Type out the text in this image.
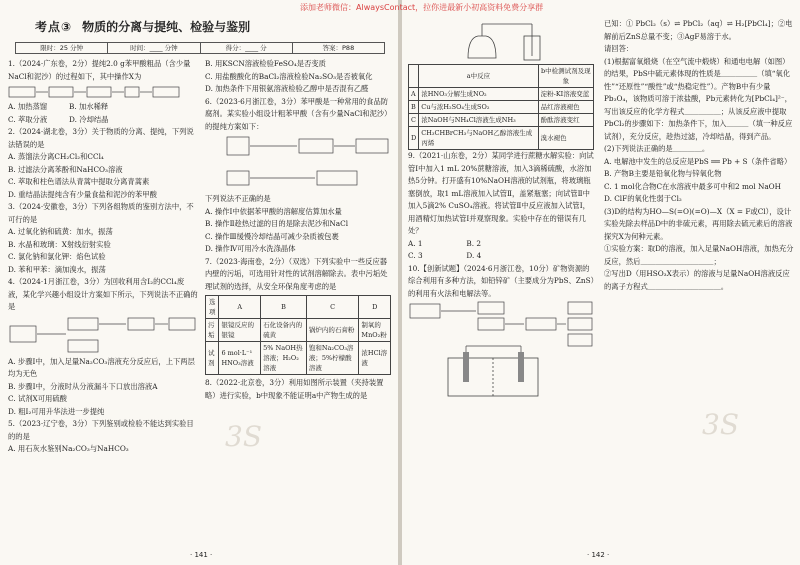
考点③ 物质的分离与提纯、检验与鉴别
限时：25 分钟	时间：____ 分钟	得分：____ 分	答案：P88

1.（2024·广东卷，2分）提纯2.0 g苯甲酸粗品（含少量NaCl和泥沙）的过程如下，其中操作X为

A. 加热蒸馏　　　B. 加水稀释

C. 萃取分液　　　D. 冷却结晶

2.（2024·湖北卷，3分）关于物质的分离、提纯，下列说法错误的是

A. 蒸馏法分离CH₂Cl₂和CCl₄

B. 过滤法分离苯酚和NaHCO₃溶液

C. 萃取和柱色谱法从青蒿中提取分离青蒿素

D. 重结晶法提纯含有少量食盐和泥沙的苯甲酸

3.（2024·安徽卷，3分）下列各组物质的鉴别方法中，不可行的是

A. 过氧化钠和硫黄：加水，振荡

B. 水晶和玻璃：X射线衍射实验

C. 氯化钠和氯化钾：焰色试验

D. 苯和甲苯：滴加溴水，振荡

4.（2024·1月浙江卷，3分）为回收利用含I₂的CCl₄废液，某化学兴趣小组设计方案如下所示，下列说法不正确的是

A. 步骤Ⅰ中，加入足量Na₂CO₃溶液充分反应后，上下两层均为无色

B. 步骤Ⅰ中，分液时从分液漏斗下口放出溶液A

C. 试剂X可用硫酸

D. 粗I₂可用升华法进一步提纯

5.（2023·辽宁卷，3分）下列鉴别或检验不能达到实验目的的是

A. 用石灰水鉴别Na₂CO₃与NaHCO₃

B. 用KSCN溶液检验FeSO₄是否变质

C. 用盐酸酸化的BaCl₂溶液检验Na₂SO₃是否被氧化

D. 加热条件下用银氨溶液检验乙醇中是否混有乙醛

6.（2023·6月浙江卷，3分）苯甲酸是一种常用的食品防腐剂。某实验小组设计粗苯甲酸（含有少量NaCl和泥沙）的提纯方案如下：

下列说法不正确的是

A. 操作Ⅰ中依据苯甲酸的溶解度估算加水量

B. 操作Ⅱ趁热过滤的目的是除去泥沙和NaCl

C. 操作Ⅲ缓慢冷却结晶可减少杂质被包裹

D. 操作Ⅳ可用冷水洗涤晶体

7.（2023·海南卷，2分）（双选）下列实验中一些反应器内壁的污垢，可选用针对性的试剂溶解除去。表中污垢处理试剂的选择，从安全环保角度考虑的是

选项	A	B	C	D
污垢	银镜反应的银镜	石化设备内的硫黄	锅炉内的石膏粉	制氧的MnO₂粉
试剂	6 mol·L⁻¹ HNO₃溶液	5% NaOH热溶液；H₂O₂溶液	饱和Na₂CO₃溶液；5%柠檬酸溶液	浓HCl溶液

8.（2022·北京卷，3分）利用如图所示装置（夹持装置略）进行实验，b中现象不能证明a中产物生成的是

3S
· 141 ·
	a中反应	b中检测试剂及现象
A	浓HNO₃分解生成NO₂	淀粉-KI溶液变蓝
B	Cu与浓H₂SO₄生成SO₂	品红溶液褪色
C	浓NaOH与NH₄Cl溶液生成NH₃	酚酞溶液变红
D	CH₃CHBrCH₃与NaOH乙醇溶液生成丙烯	溴水褪色

9.（2021·山东卷，2分）某同学进行蔗糖水解实验：向试管Ⅰ中加入1 mL 20%蔗糖溶液，加入3滴稀硫酸，水浴加热5分钟。打开盛有10%NaOH溶液的试剂瓶，将玻璃瓶塞倒放，取1 mL溶液加入试管Ⅱ，盖紧瓶塞；向试管Ⅱ中加入5滴2% CuSO₄溶液。将试管Ⅱ中反应液加入试管Ⅰ，用酒精灯加热试管Ⅰ并观察现象。实验中存在的错误有几处？

A. 1　　　　　　B. 2

C. 3　　　　　　D. 4

10.【创新试题】（2024·6月浙江卷，10分）矿物资源的综合利用有多种方法，如铅锌矿（主要成分为PbS、ZnS）的利用有火法和电解法等。

已知：① PbCl₂（s）⇌ PbCl₂（aq）⇌ H₂[PbCl₄]；②电解前后ZnS总量不变；③AgF易溶于水。

请回答：

(1)根据富氧煅烧（在空气流中煅烧）和通电电解（如图）的结果，PbS中硫元素体现的性质是＿＿＿＿＿（填“氧化性”“还原性”“酸性”或“热稳定性”）。产物B中有少量Pb₃O₄，该物质可溶于浓盐酸，Pb元素转化为[PbCl₄]²⁻，写出该反应的化学方程式＿＿＿＿＿；从该反应液中提取PbCl₂的步骤如下：加热条件下，加入＿＿＿（填一种反应试剂），充分反应，趁热过滤，冷却结晶，得到产品。

(2)下列说法正确的是＿＿＿＿。

A. 电解池中发生的总反应是PbS ══ Pb + S（条件省略）

B. 产物B主要是铅氧化物与锌氧化物

C. 1 mol化合物C在水溶液中最多可中和2 mol NaOH

D. ClF的氧化性弱于Cl₂

(3)D的结构为HO—S(=O)(=O)—X（X = F或Cl），设计实验先除去样品D中的非硫元素，再用除去硫元素后的溶液探究X为何种元素。

①实验方案：取D的溶液，加入足量NaOH溶液，加热充分反应，然后＿＿＿＿＿＿＿＿＿＿；

②写出D（用HSO₃X表示）的溶液与足量NaOH溶液反应的离子方程式＿＿＿＿＿＿＿＿＿＿。

3S
· 142 ·
添加老师微信：AlwaysContact，拉你进最新小初高资料免费分享群
